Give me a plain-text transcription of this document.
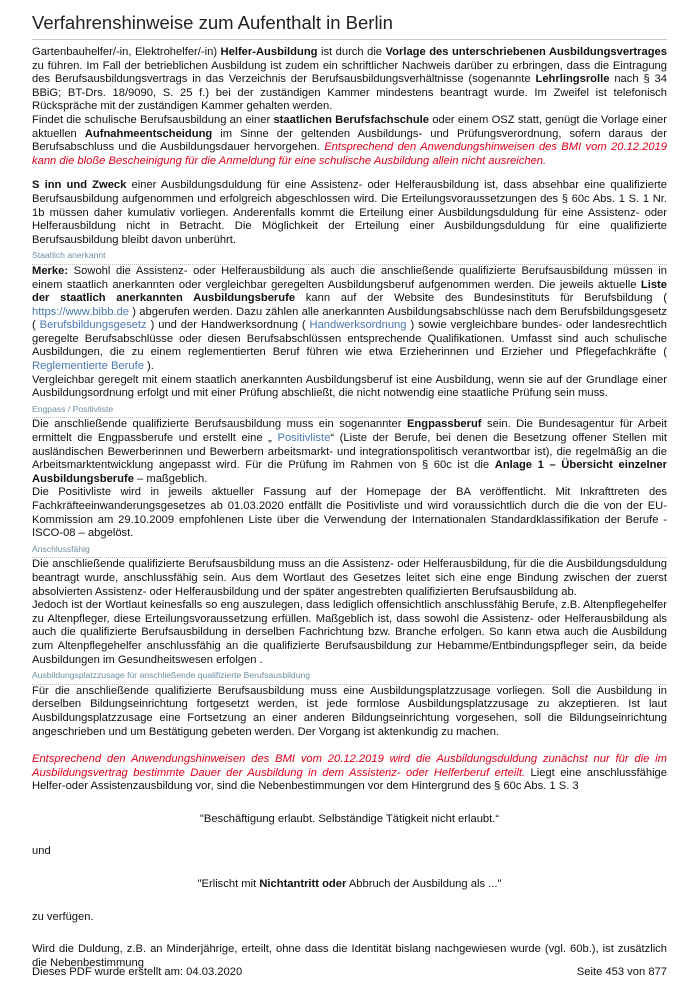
Verfahrenshinweise zum Aufenthalt in Berlin

Gartenbauhelfer/-in, Elektrohelfer/-in) Helfer-Ausbildung ist durch die Vorlage des unterschriebenen Ausbildungsvertrages zu führen. Im Fall der betrieblichen Ausbildung ist zudem ein schriftlicher Nachweis darüber zu erbringen, dass die Eintragung des Berufsausbildungsvertrags in das Verzeichnis der Berufsausbildungsverhältnisse (sogenannte Lehrlingsrolle nach § 34 BBiG; BT-Drs. 18/9090, S. 25 f.) bei der zuständigen Kammer mindestens beantragt wurde. Im Zweifel ist telefonisch Rückspräche mit der zuständigen Kammer gehalten werden.

Findet die schulische Berufsausbildung an einer staatlichen Berufsfachschule oder einem OSZ statt, genügt die Vorlage einer aktuellen Aufnahmeentscheidung im Sinne der geltenden Ausbildungs- und Prüfungsverordnung, sofern daraus der Berufsabschluss und die Ausbildungsdauer hervorgehen. Entsprechend den Anwendungshinweisen des BMI vom 20.12.2019 kann die bloße Bescheinigung für die Anmeldung für eine schulische Ausbildung allein nicht ausreichen.

S inn und Zweck einer Ausbildungsduldung für eine Assistenz- oder Helferausbildung ist, dass absehbar eine qualifizierte Berufsausbildung aufgenommen und erfolgreich abgeschlossen wird. Die Erteilungsvoraussetzungen des § 60c Abs. 1 S. 1 Nr. 1b müssen daher kumulativ vorliegen. Anderenfalls kommt die Erteilung einer Ausbildungsduldung für eine Assistenz- oder Helferausbildung nicht in Betracht. Die Möglichkeit der Erteilung einer Ausbildungsduldung für eine qualifizierte Berufsausbildung bleibt davon unberührt.

Staatlich anerkannt

Merke: Sowohl die Assistenz- oder Helferausbildung als auch die anschließende qualifizierte Berufsausbildung müssen in einem staatlich anerkannten oder vergleichbar geregelten Ausbildungsberuf aufgenommen werden. Die jeweils aktuelle Liste der staatlich anerkannten Ausbildungsberufe kann auf der Website des Bundesinstituts für Berufsbildung ( https://www.bibb.de ) abgerufen werden. Dazu zählen alle anerkannten Ausbildungsabschlüsse nach dem Berufsbildungsgesetz ( Berufsbildungsgesetz ) und der Handwerksordnung ( Handwerksordnung ) sowie vergleichbare bundes- oder landesrechtlich geregelte Berufsabschlüsse oder diesen Berufsabschlüssen entsprechende Qualifikationen. Umfasst sind auch schulische Ausbildungen, die zu einem reglementierten Beruf führen wie etwa Erzieherinnen und Erzieher und Pflegefachkräfte ( Reglementierte Berufe ).

Vergleichbar geregelt mit einem staatlich anerkannten Ausbildungsberuf ist eine Ausbildung, wenn sie auf der Grundlage einer Ausbildungsordnung erfolgt und mit einer Prüfung abschließt, die nicht notwendig eine staatliche Prüfung sein muss.

Engpass / Positivliste

Die anschließende qualifizierte Berufsausbildung muss ein sogenannter Engpassberuf sein. Die Bundesagentur für Arbeit ermittelt die Engpassberufe und erstellt eine „ Positivliste“ (Liste der Berufe, bei denen die Besetzung offener Stellen mit ausländischen Bewerberinnen und Bewerbern arbeitsmarkt- und integrationspolitisch verantwortbar ist), die regelmäßig an die Arbeitsmarktentwicklung angepasst wird. Für die Prüfung im Rahmen von § 60c ist die Anlage 1 – Übersicht einzelner Ausbildungsberufe – maßgeblich.

Die Positivliste wird in jeweils aktueller Fassung auf der Homepage der BA veröffentlicht. Mit Inkrafttreten des Fachkräfteeinwanderungsgesetzes ab 01.03.2020 entfällt die Positivliste und wird voraussichtlich durch die die von der EU-Kommission am 29.10.2009 empfohlenen Liste über die Verwendung der Internationalen Standardklassifikation der Berufe - ISCO-08 – abgelöst.

Anschlussfähig

Die anschließende qualifizierte Berufsausbildung muss an die Assistenz- oder Helferausbildung, für die die Ausbildungsduldung beantragt wurde, anschlussfähig sein. Aus dem Wortlaut des Gesetzes leitet sich eine enge Bindung zwischen der zuerst absolvierten Assistenz- oder Helferausbildung und der später angestrebten qualifizierten Berufsausbildung ab.

Jedoch ist der Wortlaut keinesfalls so eng auszulegen, dass lediglich offensichtlich anschlussfähig Berufe, z.B. Altenpflegehelfer zu Altenpfleger, diese Erteilungsvoraussetzung erfüllen. Maßgeblich ist, dass sowohl die Assistenz- oder Helferausbildung als auch die qualifizierte Berufsausbildung in derselben Fachrichtung bzw. Branche erfolgen. So kann etwa auch die Ausbildung zum Altenpflegehelfer anschlussfähig an die qualifizierte Berufsausbildung zur Hebamme/Entbindungspfleger sein, da beide Ausbildungen im Gesundheitswesen erfolgen .

Ausbildungsplatzzusage für anschließende qualifizierte Berufsausbildung

Für die anschließende qualifizierte Berufsausbildung muss eine Ausbildungsplatzzusage vorliegen. Soll die Ausbildung in derselben Bildungseinrichtung fortgesetzt werden, ist jede formlose Ausbildungsplatzzusage zu akzeptieren. Ist laut Ausbildungsplatzzusage eine Fortsetzung an einer anderen Bildungseinrichtung vorgesehen, soll die Bildungseinrichtung angeschrieben und um Bestätigung gebeten werden. Der Vorgang ist aktenkundig zu machen.

Entsprechend den Anwendungshinweisen des BMI vom 20.12.2019 wird die Ausbildungsduldung zunächst nur für die im Ausbildungsvertrag bestimmte Dauer der Ausbildung in dem Assistenz- oder Helferberuf erteilt. Liegt eine anschlussfähige Helfer-oder Assistenzausbildung vor, sind die Nebenbestimmungen vor dem Hintergrund des § 60c Abs. 1 S. 3

"Beschäftigung erlaubt. Selbständige Tätigkeit nicht erlaubt.“

und

"Erlischt mit Nichtantritt oder Abbruch der Ausbildung als ..."

zu verfügen.

Wird die Duldung, z.B. an Minderjährige, erteilt, ohne dass die Identität bislang nachgewiesen wurde (vgl. 60b.), ist zusätzlich die Nebenbestimmung

Dieses PDF wurde erstellt am: 04.03.2020	Seite 453 von 877
